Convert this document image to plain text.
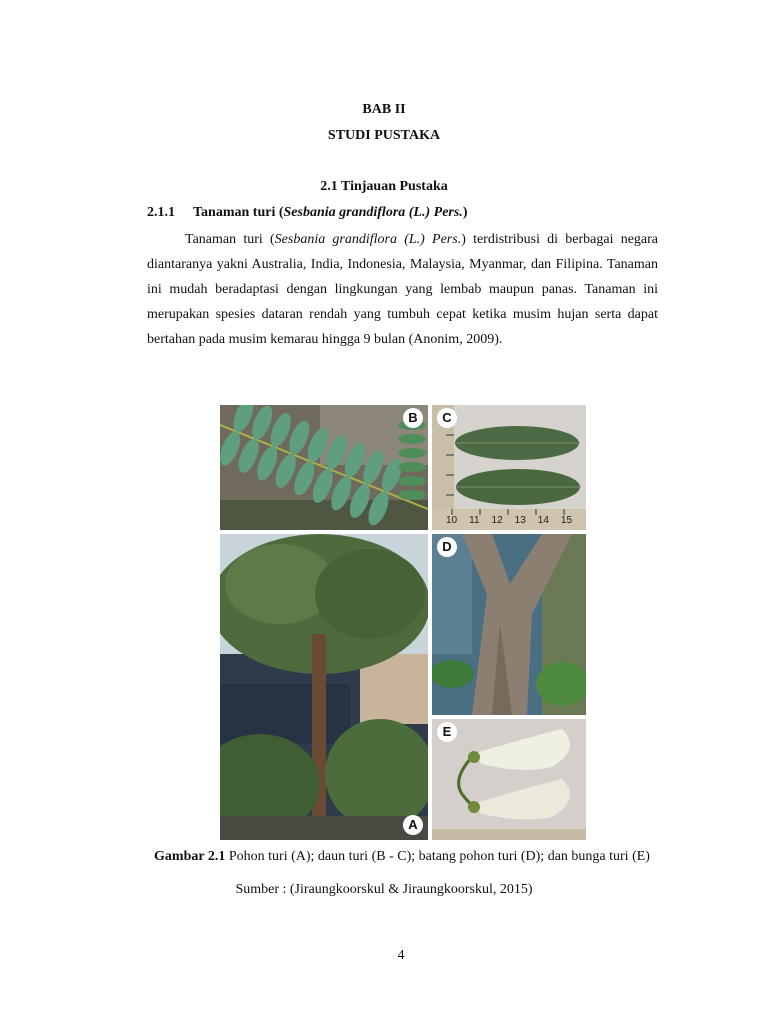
BAB II
STUDI PUSTAKA
2.1 Tinjauan Pustaka
2.1.1 Tanaman turi (Sesbania grandiflora (L.) Pers.)
Tanaman turi (Sesbania grandiflora (L.) Pers.) terdistribusi di berbagai negara diantaranya yakni Australia, India, Indonesia, Malaysia, Myanmar, dan Filipina. Tanaman ini mudah beradaptasi dengan lingkungan yang lembab maupun panas. Tanaman ini merupakan spesies dataran rendah yang tumbuh cepat ketika musim hujan serta dapat bertahan pada musim kemarau hingga 9 bulan (Anonim, 2009).
B
10 11 12 13 14 15
C
A
D
E
Gambar 2.1 Pohon turi (A); daun turi (B - C); batang pohon turi (D); dan bunga turi (E)
Sumber : (Jiraungkoorskul & Jiraungkoorskul, 2015)
4
